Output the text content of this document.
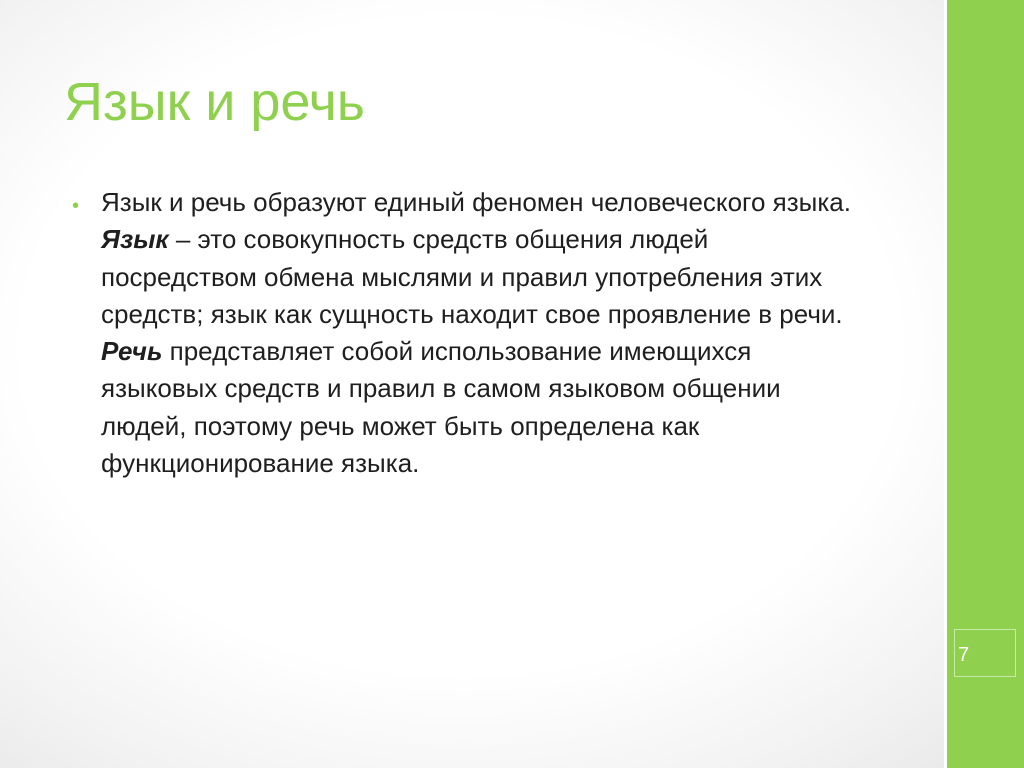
Язык и речь
• Язык и речь образуют единый феномен человеческого языка. Язык – это совокупность средств общения людей посредством обмена мыслями и правил употребления этих средств; язык как сущность находит свое проявление в речи. Речь представляет собой использование имеющихся языковых средств и правил в самом языковом общении людей, поэтому речь может быть определена как функционирование языка.

7
